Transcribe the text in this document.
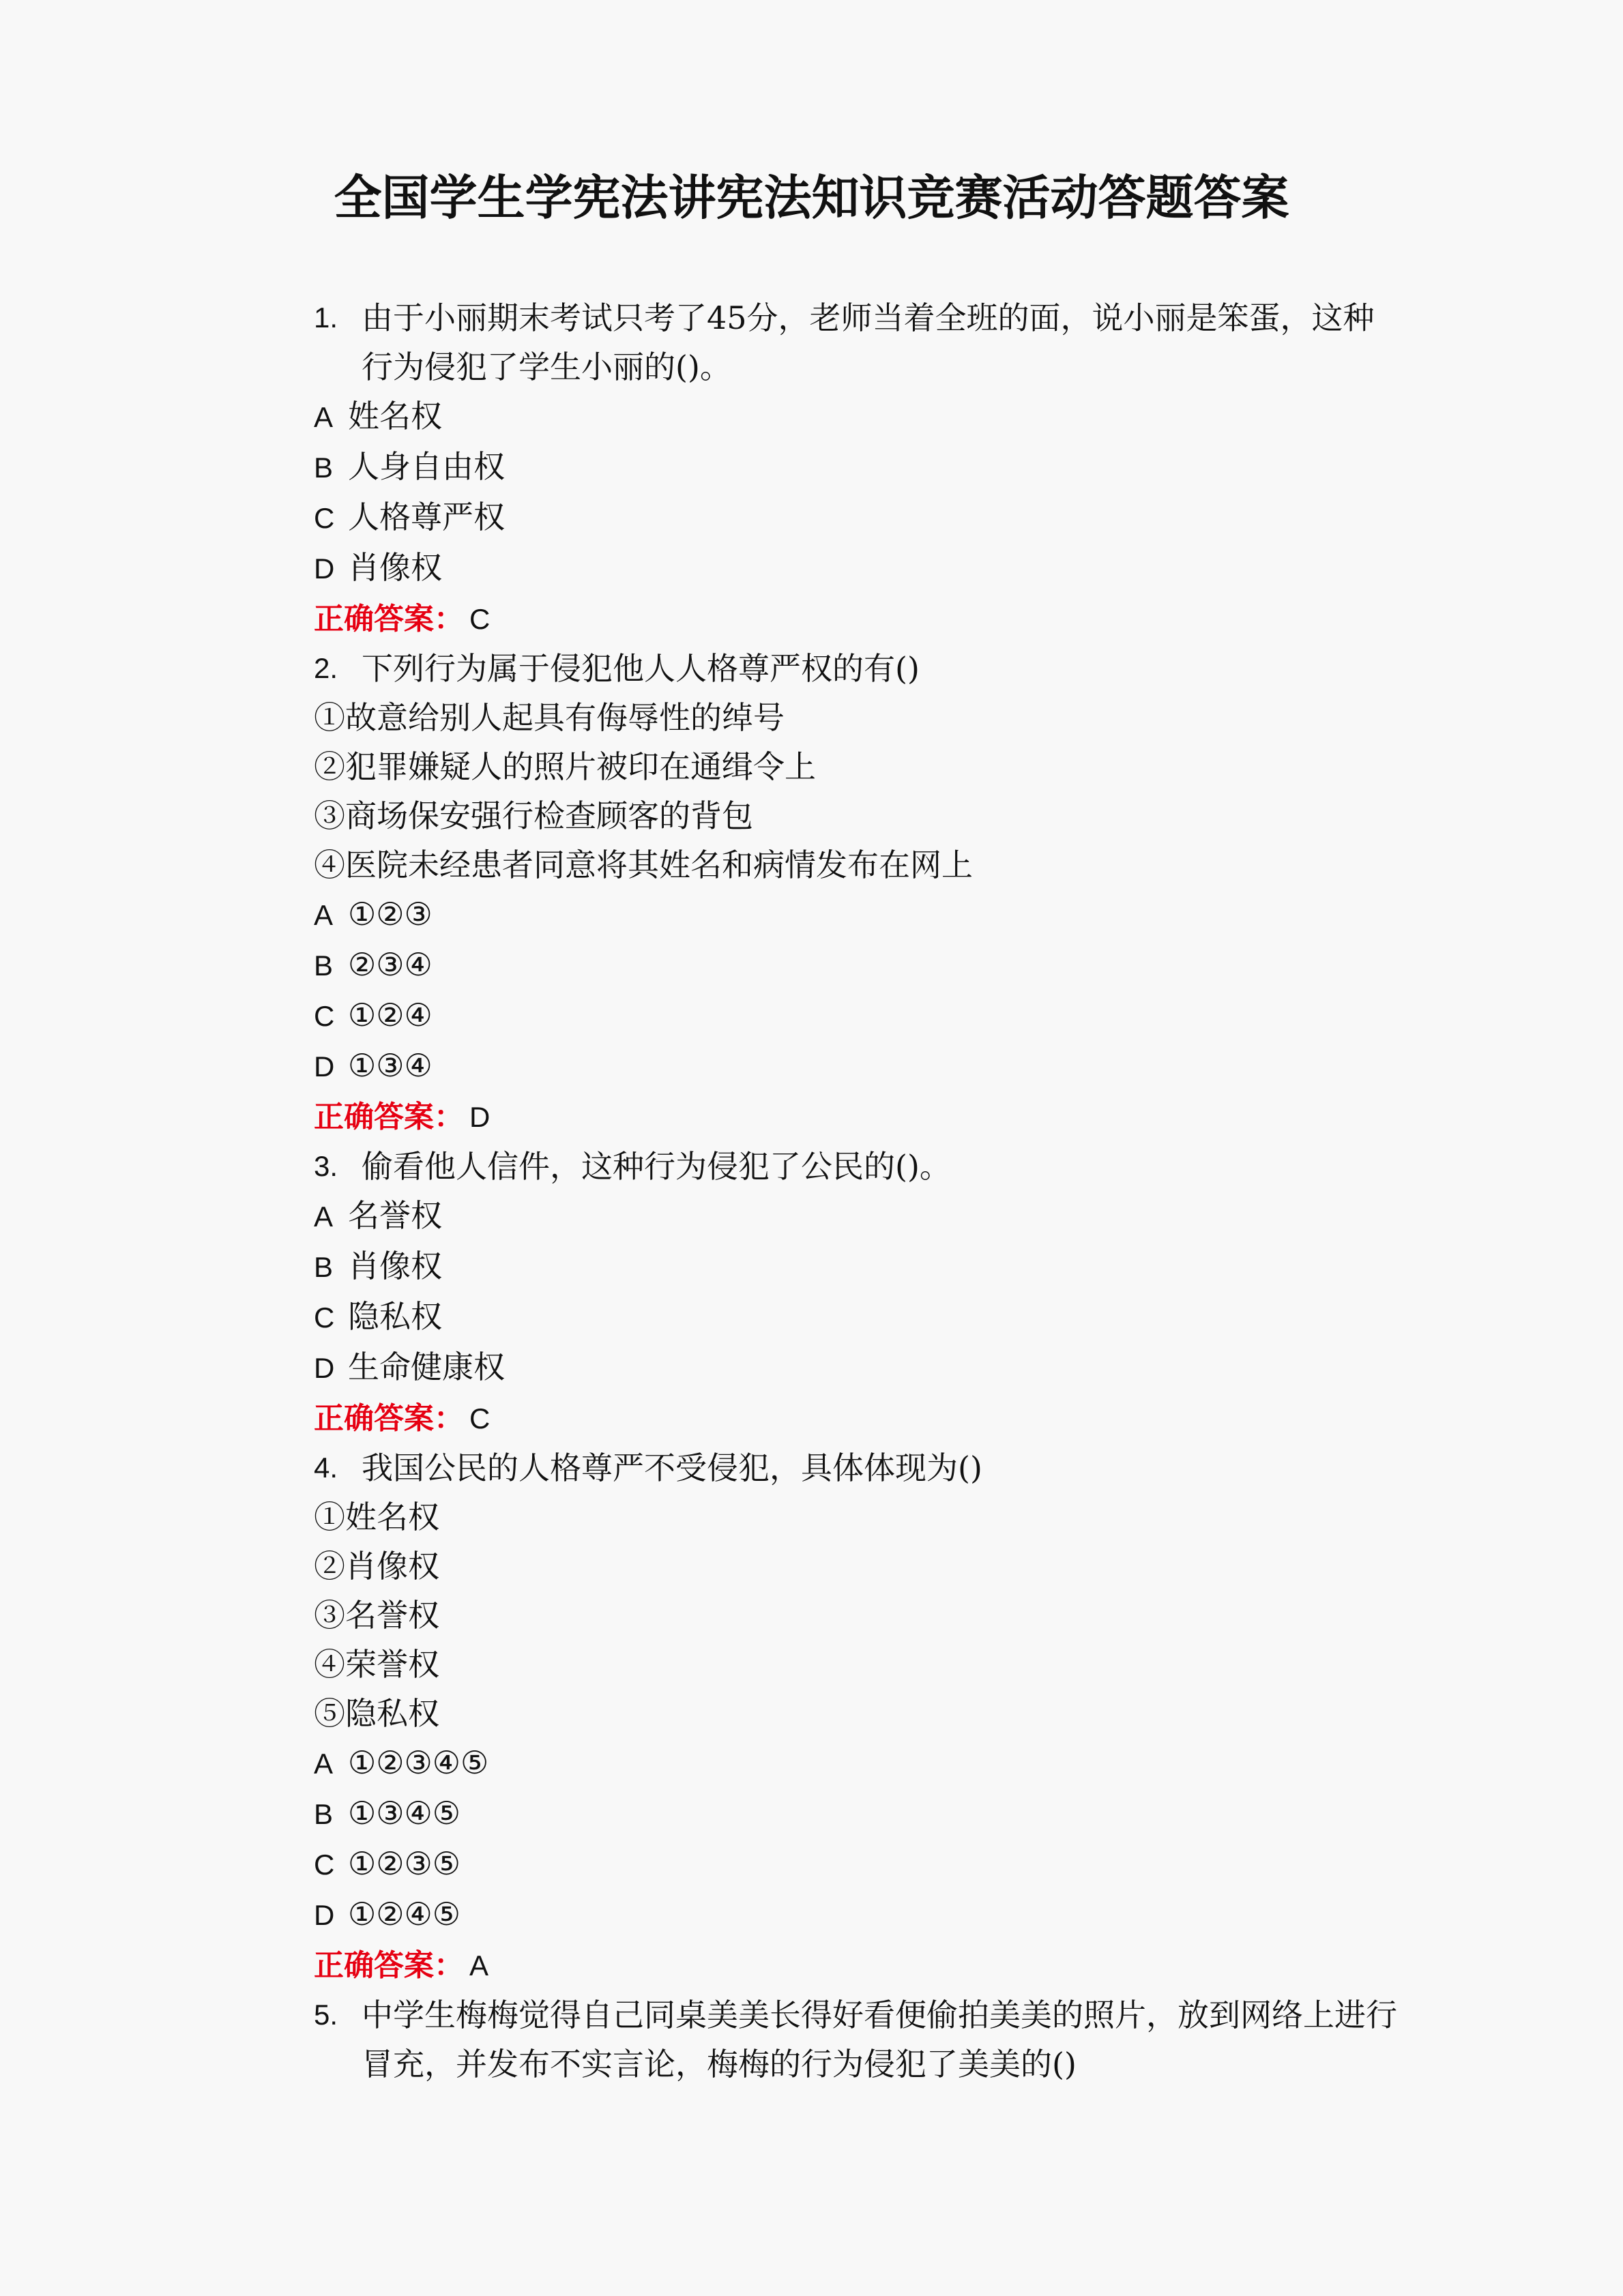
全国学生学宪法讲宪法知识竞赛活动答题答案
1. 由于小丽期末考试只考了45分，老师当着全班的面，说小丽是笨蛋，这种行为侵犯了学生小丽的()。
A 姓名权
B 人身自由权
C 人格尊严权
D 肖像权
正确答案： C
2. 下列行为属于侵犯他人人格尊严权的有()
①故意给别人起具有侮辱性的绰号
②犯罪嫌疑人的照片被印在通缉令上
③商场保安强行检查顾客的背包
④医院未经患者同意将其姓名和病情发布在网上
A ①②③
B ②③④
C ①②④
D ①③④
正确答案： D
3. 偷看他人信件，这种行为侵犯了公民的()。
A 名誉权
B 肖像权
C 隐私权
D 生命健康权
正确答案： C
4. 我国公民的人格尊严不受侵犯，具体体现为()
①姓名权
②肖像权
③名誉权
④荣誉权
⑤隐私权
A ①②③④⑤
B ①③④⑤
C ①②③⑤
D ①②④⑤
正确答案： A
5. 中学生梅梅觉得自己同桌美美长得好看便偷拍美美的照片，放到网络上进行冒充，并发布不实言论，梅梅的行为侵犯了美美的()
